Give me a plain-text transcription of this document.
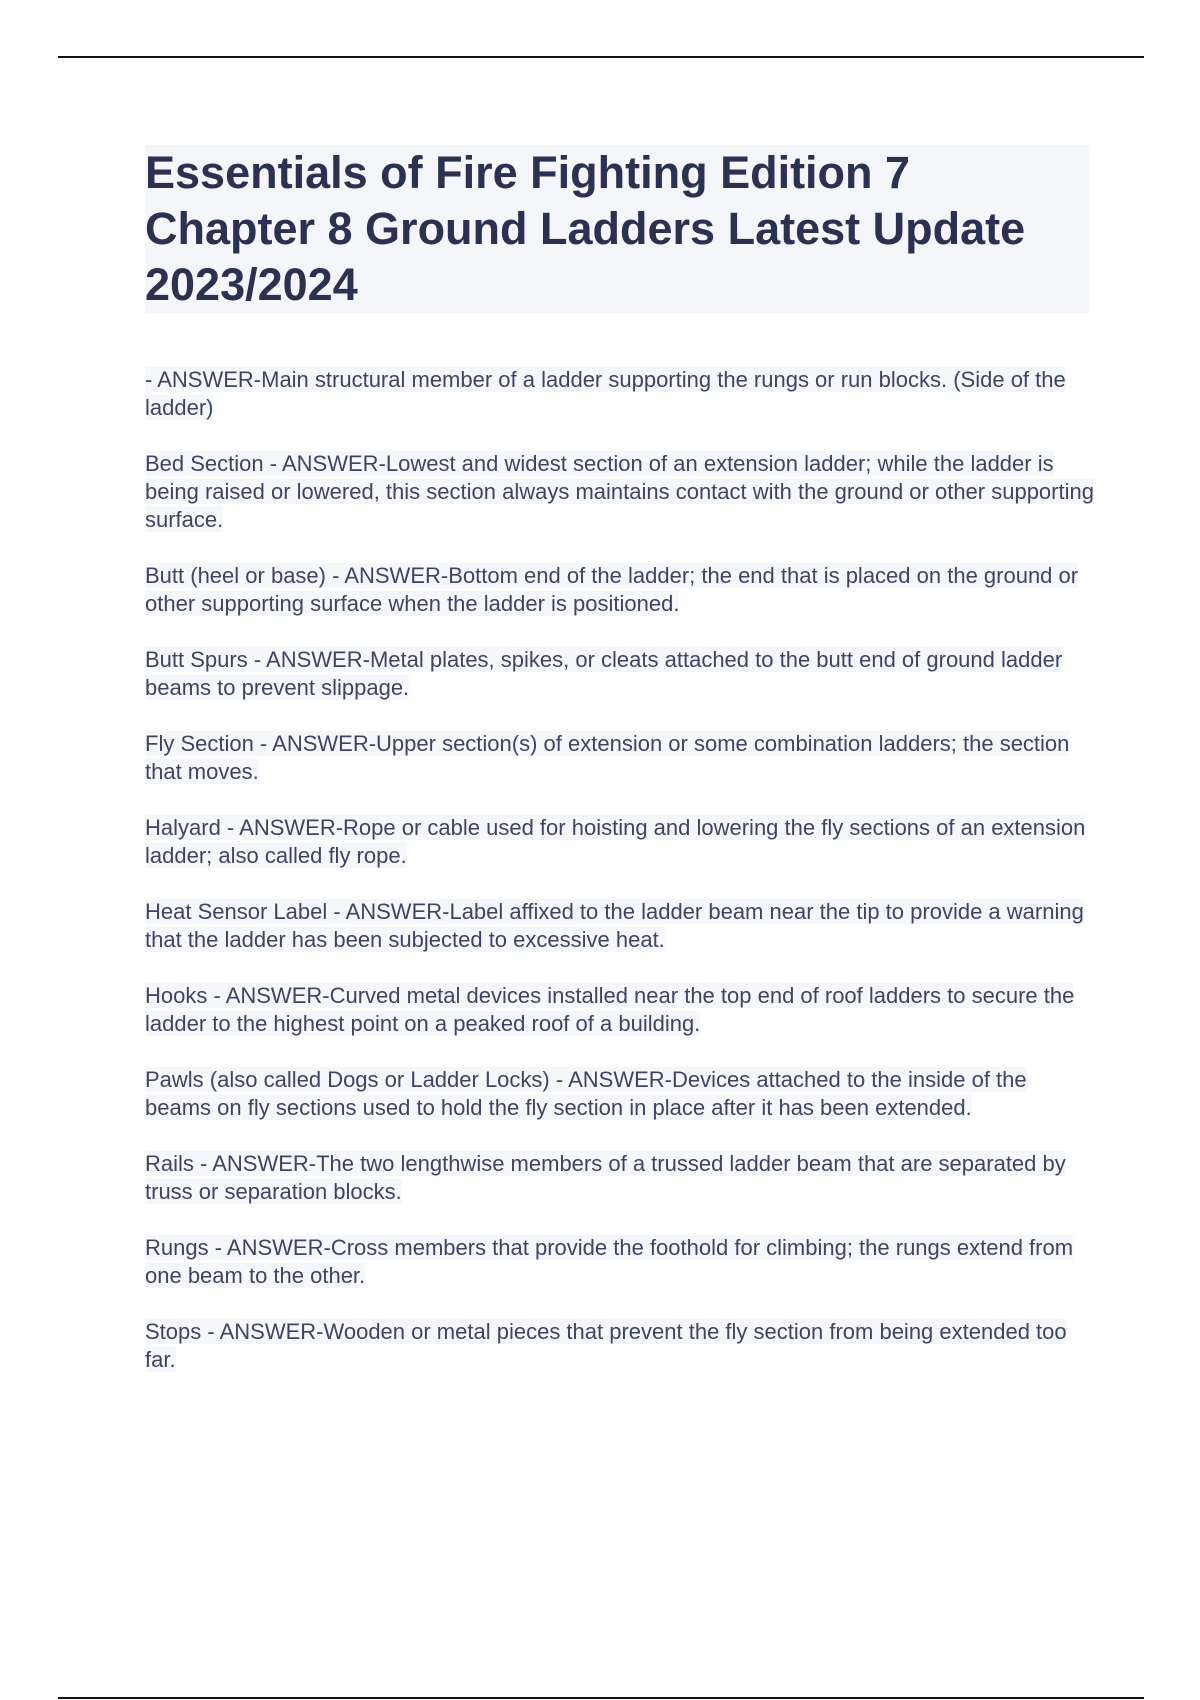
Essentials of Fire Fighting Edition 7 Chapter 8 Ground Ladders Latest Update 2023/2024

- ANSWER-Main structural member of a ladder supporting the rungs or run blocks. (Side of the ladder)

Bed Section - ANSWER-Lowest and widest section of an extension ladder; while the ladder is being raised or lowered, this section always maintains contact with the ground or other supporting surface.

Butt (heel or base) - ANSWER-Bottom end of the ladder; the end that is placed on the ground or other supporting surface when the ladder is positioned.

Butt Spurs - ANSWER-Metal plates, spikes, or cleats attached to the butt end of ground ladder beams to prevent slippage.

Fly Section - ANSWER-Upper section(s) of extension or some combination ladders; the section that moves.

Halyard - ANSWER-Rope or cable used for hoisting and lowering the fly sections of an extension ladder; also called fly rope.

Heat Sensor Label - ANSWER-Label affixed to the ladder beam near the tip to provide a warning that the ladder has been subjected to excessive heat.

Hooks - ANSWER-Curved metal devices installed near the top end of roof ladders to secure the ladder to the highest point on a peaked roof of a building.

Pawls (also called Dogs or Ladder Locks) - ANSWER-Devices attached to the inside of the beams on fly sections used to hold the fly section in place after it has been extended.

Rails - ANSWER-The two lengthwise members of a trussed ladder beam that are separated by truss or separation blocks.

Rungs - ANSWER-Cross members that provide the foothold for climbing; the rungs extend from one beam to the other.

Stops - ANSWER-Wooden or metal pieces that prevent the fly section from being extended too far.
